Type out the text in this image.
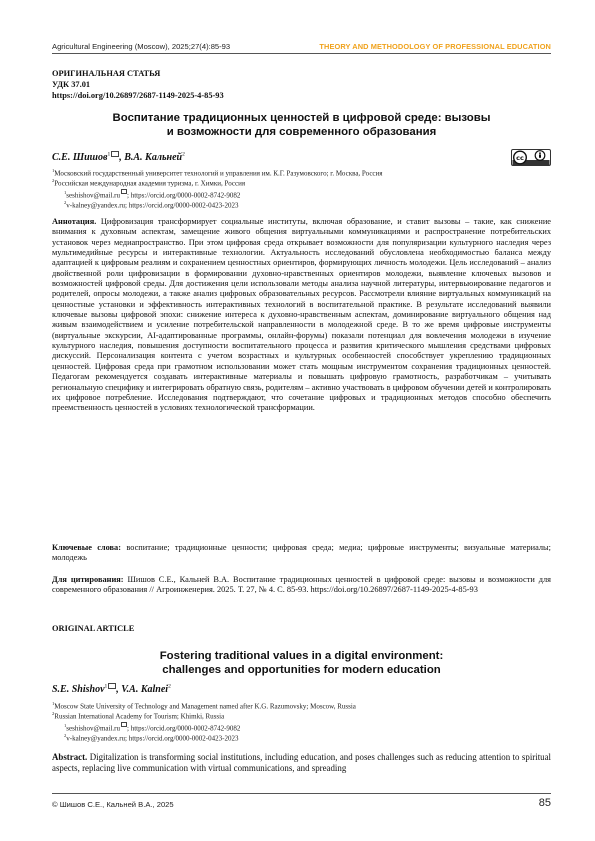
Agricultural Engineering (Moscow), 2025;27(4):85-93	THEORY AND METHODOLOGY OF PROFESSIONAL EDUCATION
ОРИГИНАЛЬНАЯ СТАТЬЯ
УДК 37.01
https://doi.org/10.26897/2687-1149-2025-4-85-93
Воспитание традиционных ценностей в цифровой среде: вызовы
и возможности для современного образования
С.Е. Шишов$^1$ , В.А. Кальней$^2$	cc
$^1$Московский государственный университет технологий и управления им. К.Г. Разумовского; г. Москва, Россия
$^2$Российская международная академия туризма, г. Химки, Россия
$^1$seshishov@mail.ru ; https://orcid.org/0000-0002-8742-9082
$^2$v-kalney@yandex.ru; https://orcid.org/0000-0002-0423-2023
Аннотация. Цифровизация трансформирует социальные институты, включая образование, и ставит вызовы – такие, как снижение внимания к духовным аспектам, замещение живого общения виртуальными коммуникациями и распространение потребительских установок через медиапространство. При этом цифровая среда открывает возможности для популяризации культурного наследия через мультимедийные ресурсы и интерактивные технологии. Актуальность исследований обусловлена необходимостью баланса между адаптацией к цифровым реалиям и сохранением ценностных ориентиров, формирующих личность молодежи. Цель исследований – анализ двойственной роли цифровизации в формировании духовно-нравственных ориентиров молодежи, выявление ключевых вызовов и возможностей цифровой среды. Для достижения цели использовали методы анализа научной литературы, интервьюирование педагогов и родителей, опросы молодежи, а также анализ цифровых образовательных ресурсов. Рассмотрели влияние виртуальных коммуникаций на ценностные установки и эффективность интерактивных технологий в воспитательной практике. В результате исследований выявили ключевые вызовы цифровой эпохи: снижение интереса к духовно-нравственным аспектам, доминирование виртуального общения над живым взаимодействием и усиление потребительской направленности в молодежной среде. В то же время цифровые инструменты (виртуальные экскурсии, AI-адаптированные программы, онлайн-форумы) показали потенциал для вовлечения молодежи в изучение культурного наследия, повышения доступности воспитательного процесса и развития критического мышления средствами цифровых дискуссий. Персонализация контента с учетом возрастных и культурных особенностей способствует укреплению традиционных ценностей. Цифровая среда при грамотном использовании может стать мощным инструментом сохранения традиционных ценностей. Педагогам рекомендуется создавать интерактивные материалы и повышать цифровую грамотность, разработчикам – учитывать региональную специфику и интегрировать обратную связь, родителям – активно участвовать в цифровом обучении детей и контролировать их цифровое потребление. Исследования подтверждают, что сочетание цифровых и традиционных методов способно обеспечить преемственность ценностей в условиях технологической трансформации.
Ключевые слова: воспитание; традиционные ценности; цифровая среда; медиа; цифровые инструменты; визуальные материалы; молодежь
Для цитирования: Шишов С.Е., Кальней В.А. Воспитание традиционных ценностей в цифровой среде: вызовы и возможности для современного образования // Агроинженерия. 2025. Т. 27, № 4. С. 85-93. https://doi.org/10.26897/2687-1149-2025-4-85-93
ORIGINAL ARTICLE
Fostering traditional values in a digital environment:
challenges and opportunities for modern education
S.E. Shishov$^1$ , V.A. Kalnei$^2$
$^1$Moscow State University of Technology and Management named after K.G. Razumovsky; Moscow, Russia
$^2$Russian International Academy for Tourism; Khimki, Russia
$^1$seshishov@mail.ru ; https://orcid.org/0000-0002-8742-9082
$^2$v-kalney@yandex.ru; https://orcid.org/0000-0002-0423-2023
Abstract. Digitalization is transforming social institutions, including education, and poses challenges such as reducing attention to spiritual aspects, replacing live communication with virtual communications, and spreading
© Шишов С.Е., Кальней В.А., 2025	85
